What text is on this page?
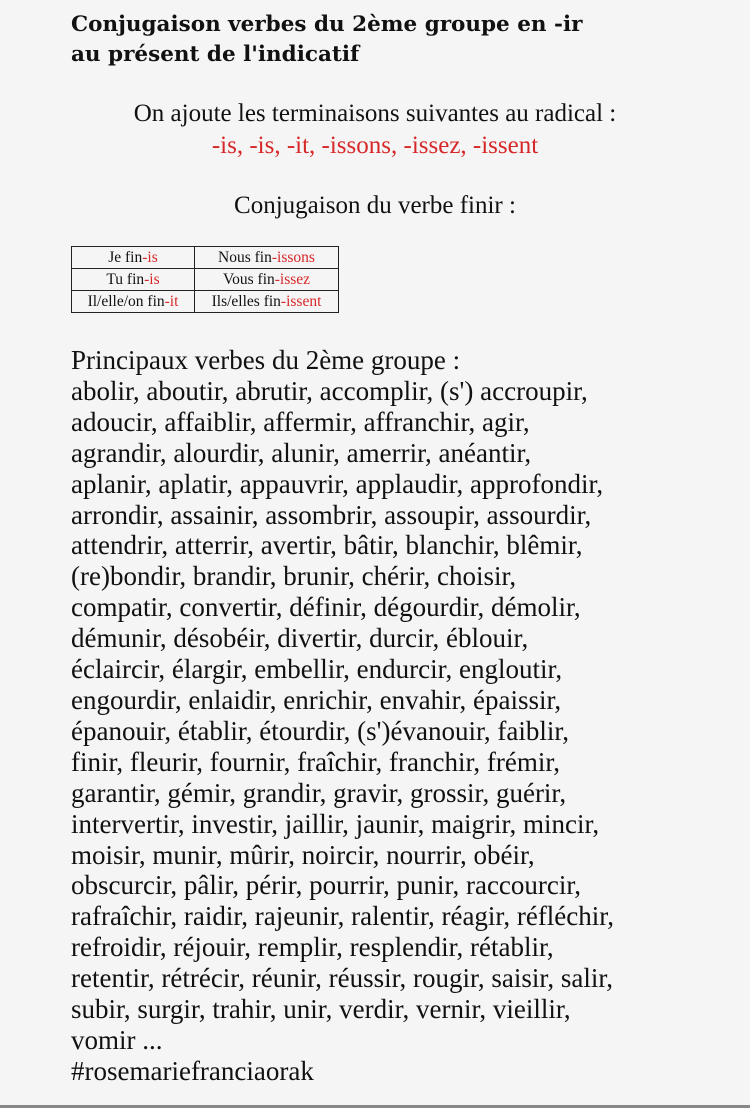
Conjugaison verbes du 2ème groupe en -ir
au présent de l'indicatif
On ajoute les terminaisons suivantes au radical :
-is, -is, -it, -issons, -issez, -issent
Conjugaison du verbe finir :
Je fin-is	Nous fin-issons
Tu fin-is	Vous fin-issez
Il/elle/on fin-it	Ils/elles fin-issent
Principaux verbes du 2ème groupe :
abolir, aboutir, abrutir, accomplir, (s') accroupir,
adoucir, affaiblir, affermir, affranchir, agir,
agrandir, alourdir, alunir, amerrir, anéantir,
aplanir, aplatir, appauvrir, applaudir, approfondir,
arrondir, assainir, assombrir, assoupir, assourdir,
attendrir, atterrir, avertir, bâtir, blanchir, blêmir,
(re)bondir, brandir, brunir, chérir, choisir,
compatir, convertir, définir, dégourdir, démolir,
démunir, désobéir, divertir, durcir, éblouir,
éclaircir, élargir, embellir, endurcir, engloutir,
engourdir, enlaidir, enrichir, envahir, épaissir,
épanouir, établir, étourdir, (s')évanouir, faiblir,
finir, fleurir, fournir, fraîchir, franchir, frémir,
garantir, gémir, grandir, gravir, grossir, guérir,
intervertir, investir, jaillir, jaunir, maigrir, mincir,
moisir, munir, mûrir, noircir, nourrir, obéir,
obscurcir, pâlir, périr, pourrir, punir, raccourcir,
rafraîchir, raidir, rajeunir, ralentir, réagir, réfléchir,
refroidir, réjouir, remplir, resplendir, rétablir,
retentir, rétrécir, réunir, réussir, rougir, saisir, salir,
subir, surgir, trahir, unir, verdir, vernir, vieillir,
vomir ...
#rosemariefranciaorak
